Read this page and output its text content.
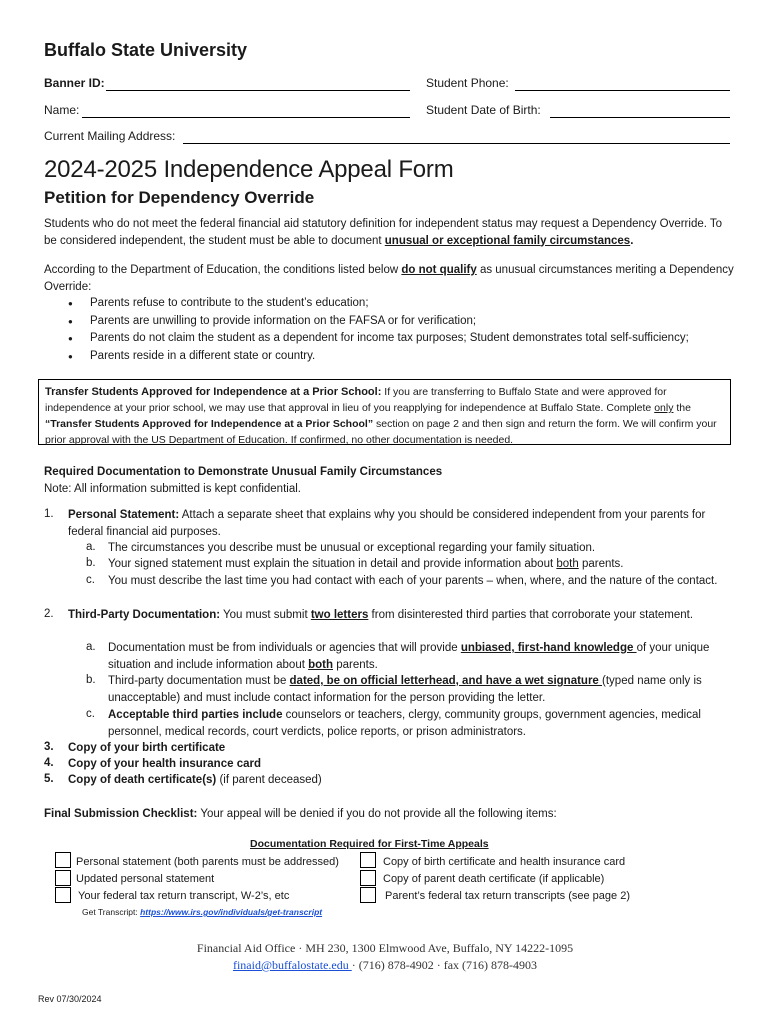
Buffalo State University
Banner ID:	Student Phone:
Name:	Student Date of Birth:
Current Mailing Address:
2024-2025 Independence Appeal Form
Petition for Dependency Override
Students who do not meet the federal financial aid statutory definition for independent status may request a Dependency Override. To be considered independent, the student must be able to document unusual or exceptional family circumstances.
According to the Department of Education, the conditions listed below do not qualify as unusual circumstances meriting a Dependency Override:
● Parents refuse to contribute to the student’s education;
● Parents are unwilling to provide information on the FAFSA or for verification;
● Parents do not claim the student as a dependent for income tax purposes; Student demonstrates total self-sufficiency;
● Parents reside in a different state or country.
Transfer Students Approved for Independence at a Prior School: If you are transferring to Buffalo State and were approved for independence at your prior school, we may use that approval in lieu of you reapplying for independence at Buffalo State. Complete only the “Transfer Students Approved for Independence at a Prior School” section on page 2 and then sign and return the form. We will confirm your prior approval with the US Department of Education. If confirmed, no other documentation is needed.
Required Documentation to Demonstrate Unusual Family Circumstances
Note: All information submitted is kept confidential.
1. Personal Statement: Attach a separate sheet that explains why you should be considered independent from your parents for federal financial aid purposes.
a. The circumstances you describe must be unusual or exceptional regarding your family situation.
b. Your signed statement must explain the situation in detail and provide information about both parents.
c. You must describe the last time you had contact with each of your parents – when, where, and the nature of the contact.
2. Third-Party Documentation: You must submit two letters from disinterested third parties that corroborate your statement.
a. Documentation must be from individuals or agencies that will provide unbiased, first-hand knowledge of your unique situation and include information about both parents.
b. Third-party documentation must be dated, be on official letterhead, and have a wet signature (typed name only is unacceptable) and must include contact information for the person providing the letter.
c. Acceptable third parties include counselors or teachers, clergy, community groups, government agencies, medical personnel, medical records, court verdicts, police reports, or prison administrators.
3. Copy of your birth certificate
4. Copy of your health insurance card
5. Copy of death certificate(s) (if parent deceased)
Final Submission Checklist: Your appeal will be denied if you do not provide all the following items:
Documentation Required for First-Time Appeals
Personal statement (both parents must be addressed)
Updated personal statement
Your federal tax return transcript, W-2’s, etc
Copy of birth certificate and health insurance card
Copy of parent death certificate (if applicable)
Parent’s federal tax return transcripts (see page 2)
Get Transcript: https://www.irs.gov/individuals/get-transcript
Financial Aid Office · MH 230, 1300 Elmwood Ave, Buffalo, NY 14222-1095
finaid@buffalostate.edu · (716) 878-4902 · fax (716) 878-4903
Rev 07/30/2024
